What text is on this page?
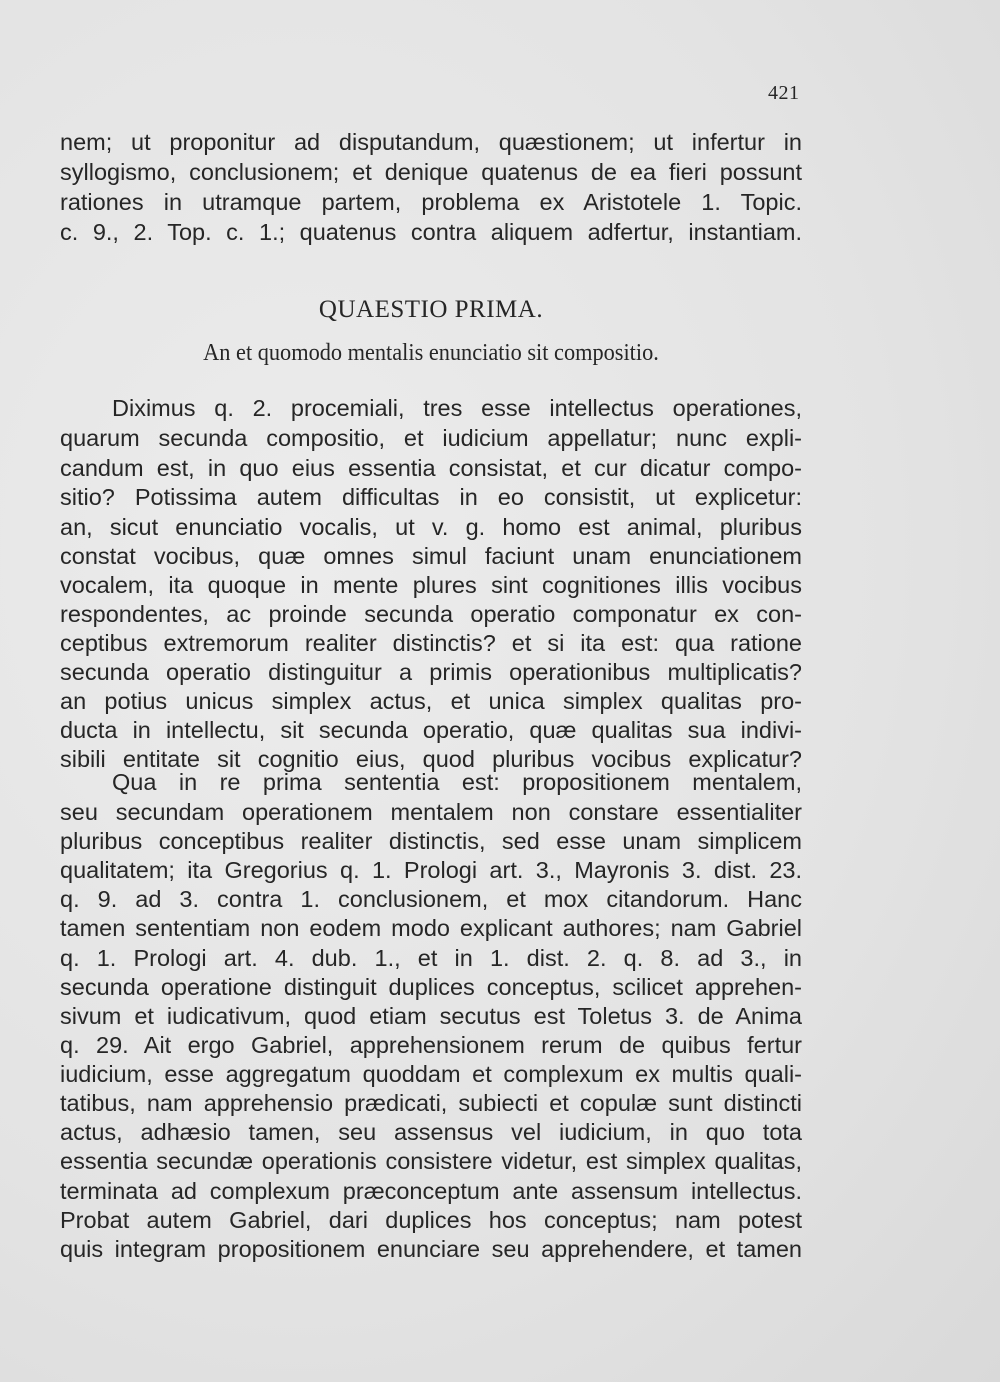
421
nem; ut proponitur ad disputandum, quæstionem; ut infertur in
syllogismo, conclusionem; et denique quatenus de ea fieri possunt
rationes in utramque partem, problema ex Aristotele 1. Topic.
c. 9., 2. Top. c. 1.; quatenus contra aliquem adfertur, instantiam.
QUAESTIO PRIMA.
An et quomodo mentalis enunciatio sit compositio.
Diximus q. 2. procemiali, tres esse intellectus operationes,
quarum secunda compositio, et iudicium appellatur; nunc expli-
candum est, in quo eius essentia consistat, et cur dicatur compo-
sitio? Potissima autem difficultas in eo consistit, ut explicetur:
an, sicut enunciatio vocalis, ut v. g. homo est animal, pluribus
constat vocibus, quæ omnes simul faciunt unam enunciationem
vocalem, ita quoque in mente plures sint cognitiones illis vocibus
respondentes, ac proinde secunda operatio componatur ex con-
ceptibus extremorum realiter distinctis? et si ita est: qua ratione
secunda operatio distinguitur a primis operationibus multiplicatis?
an potius unicus simplex actus, et unica simplex qualitas pro-
ducta in intellectu, sit secunda operatio, quæ qualitas sua indivi-
sibili entitate sit cognitio eius, quod pluribus vocibus explicatur?
Qua in re prima sententia est: propositionem mentalem,
seu secundam operationem mentalem non constare essentialiter
pluribus conceptibus realiter distinctis, sed esse unam simplicem
qualitatem; ita Gregorius q. 1. Prologi art. 3., Mayronis 3. dist. 23.
q. 9. ad 3. contra 1. conclusionem, et mox citandorum. Hanc
tamen sententiam non eodem modo explicant authores; nam Gabriel
q. 1. Prologi art. 4. dub. 1., et in 1. dist. 2. q. 8. ad 3., in
secunda operatione distinguit duplices conceptus, scilicet apprehen-
sivum et iudicativum, quod etiam secutus est Toletus 3. de Anima
q. 29. Ait ergo Gabriel, apprehensionem rerum de quibus fertur
iudicium, esse aggregatum quoddam et complexum ex multis quali-
tatibus, nam apprehensio prædicati, subiecti et copulæ sunt distincti
actus, adhæsio tamen, seu assensus vel iudicium, in quo tota
essentia secundæ operationis consistere videtur, est simplex qualitas,
terminata ad complexum præconceptum ante assensum intellectus.
Probat autem Gabriel, dari duplices hos conceptus; nam potest
quis integram propositionem enunciare seu apprehendere, et tamen
